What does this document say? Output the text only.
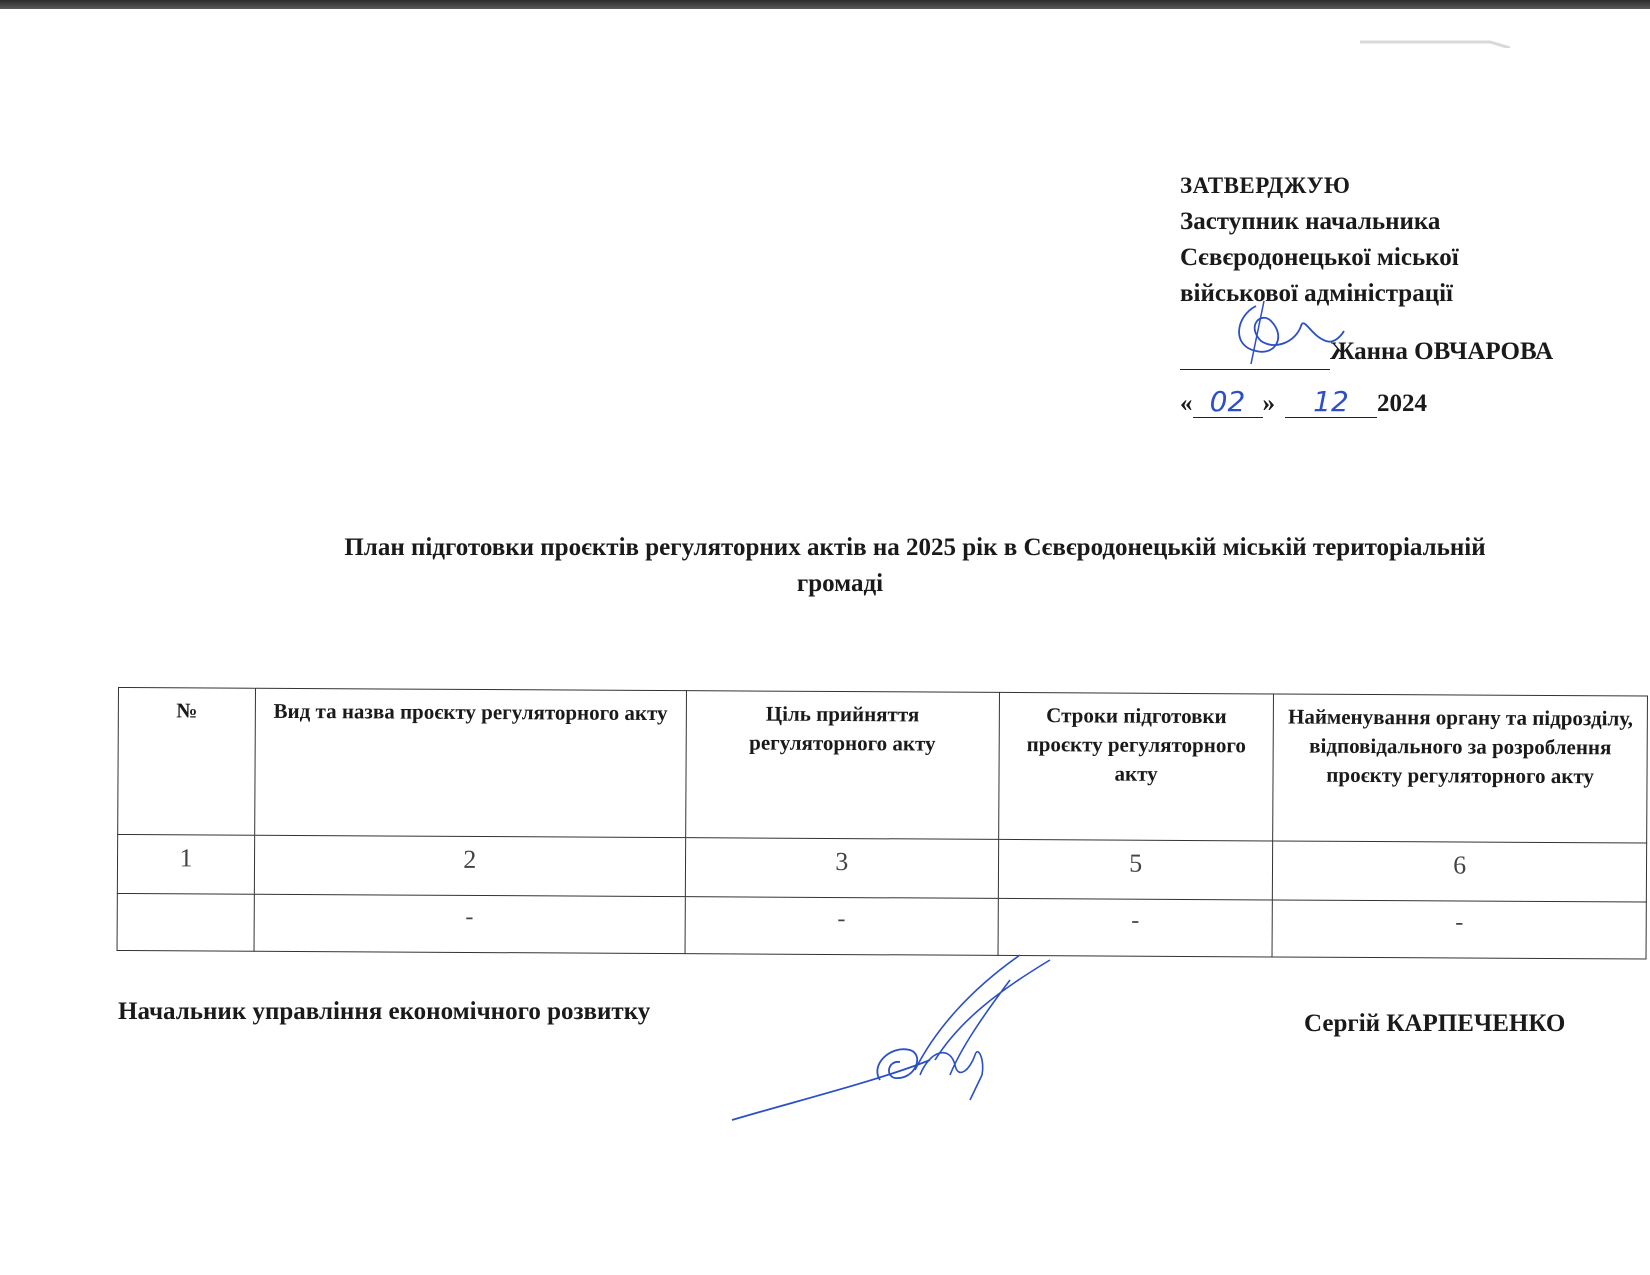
ЗАТВЕРДЖУЮ
Заступник начальника
Сєвєродонецької міської
військової адміністрації
Жанна ОВЧАРОВА
« 02 » 12 2024
План підготовки проєктів регуляторних актів на 2025 рік в Сєвєродонецькій міській територіальній
громаді
№	Вид та назва проєкту регуляторного акту	Ціль прийняття регуляторного акту	Строки підготовки проєкту регуляторного акту	Найменування органу та підрозділу, відповідального за розроблення проєкту регуляторного акту
1	2	3	5	6
	-	-	-	-
Начальник управління економічного розвитку	Сергій КАРПЕЧЕНКО
